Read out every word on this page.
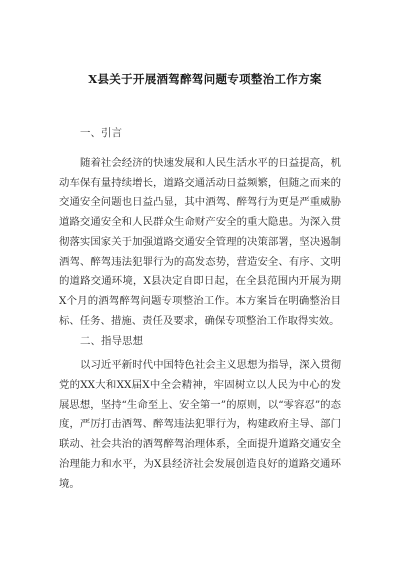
X县关于开展酒驾醉驾问题专项整治工作方案
一、引言
随着社会经济的快速发展和人民生活水平的日益提高，机动车保有量持续增长，道路交通活动日益频繁，但随之而来的交通安全问题也日益凸显，其中酒驾、醉驾行为更是严重威胁道路交通安全和人民群众生命财产安全的重大隐患。为深入贯彻落实国家关于加强道路交通安全管理的决策部署，坚决遏制酒驾、醉驾违法犯罪行为的高发态势，营造安全、有序、文明的道路交通环境，X县决定自即日起，在全县范围内开展为期X个月的酒驾醉驾问题专项整治工作。本方案旨在明确整治目标、任务、措施、责任及要求，确保专项整治工作取得实效。
二、指导思想
以习近平新时代中国特色社会主义思想为指导，深入贯彻党的XX大和XX届X中全会精神，牢固树立以人民为中心的发展思想，坚持“生命至上、安全第一”的原则，以“零容忍”的态度，严厉打击酒驾、醉驾违法犯罪行为，构建政府主导、部门联动、社会共治的酒驾醉驾治理体系，全面提升道路交通安全治理能力和水平，为X县经济社会发展创造良好的道路交通环境。
